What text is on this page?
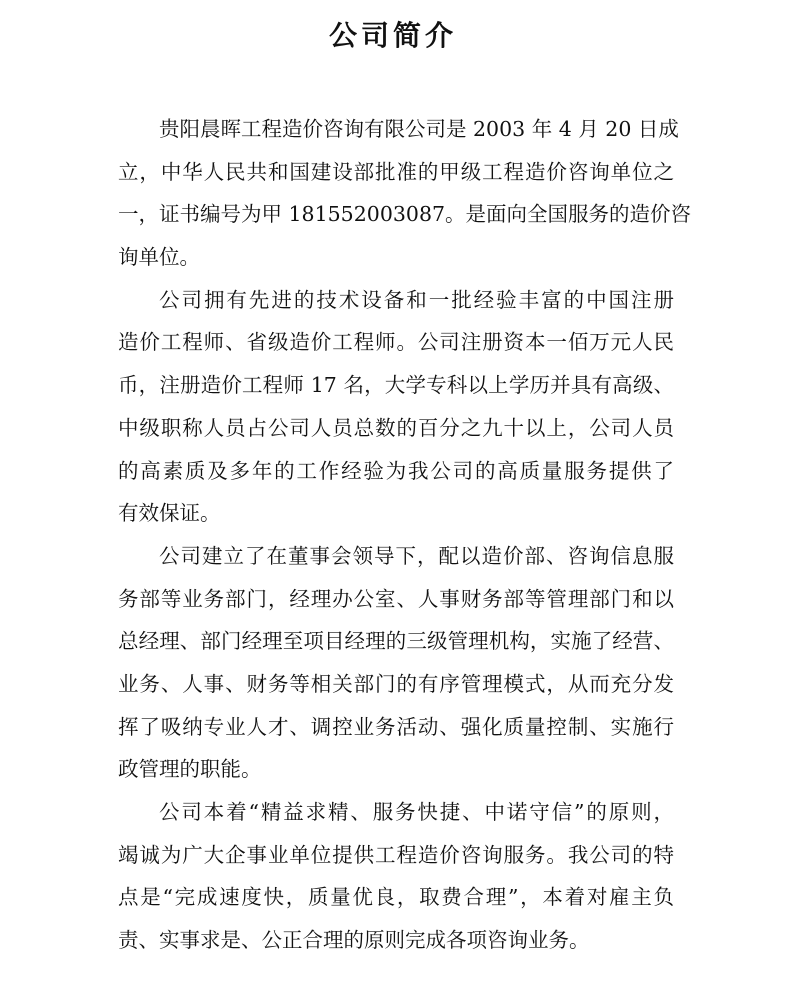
公司简介
贵阳晨晖工程造价咨询有限公司是 2003 年 4 月 20 日成
立，中华人民共和国建设部批准的甲级工程造价咨询单位之
一，证书编号为甲 181552003087。是面向全国服务的造价咨
询单位。
公司拥有先进的技术设备和一批经验丰富的中国注册
造价工程师、省级造价工程师。公司注册资本一佰万元人民
币，注册造价工程师 17 名，大学专科以上学历并具有高级、
中级职称人员占公司人员总数的百分之九十以上，公司人员
的高素质及多年的工作经验为我公司的高质量服务提供了
有效保证。
公司建立了在董事会领导下，配以造价部、咨询信息服
务部等业务部门，经理办公室、人事财务部等管理部门和以
总经理、部门经理至项目经理的三级管理机构，实施了经营、
业务、人事、财务等相关部门的有序管理模式，从而充分发
挥了吸纳专业人才、调控业务活动、强化质量控制、实施行
政管理的职能。
公司本着“精益求精、服务快捷、中诺守信”的原则，
竭诚为广大企事业单位提供工程造价咨询服务。我公司的特
点是“完成速度快，质量优良，取费合理”，本着对雇主负
责、实事求是、公正合理的原则完成各项咨询业务。
